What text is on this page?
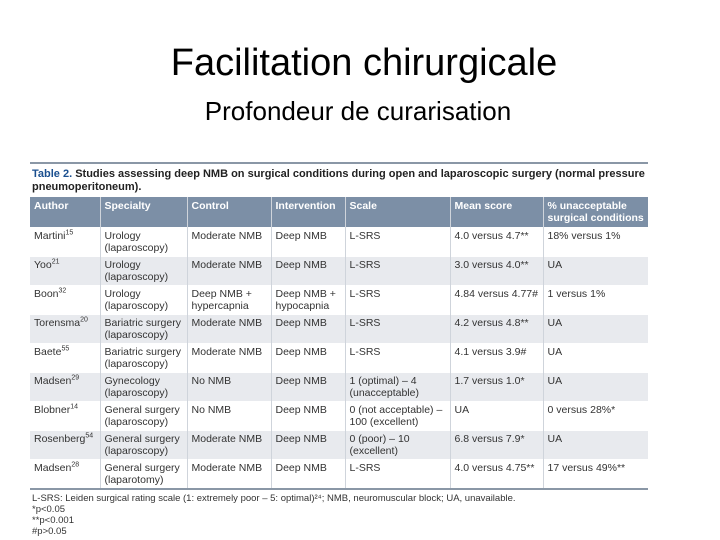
Facilitation chirurgicale
Profondeur de curarisation
Table 2. Studies assessing deep NMB on surgical conditions during open and laparoscopic surgery (normal pressure pneumoperitoneum).
Author	Specialty	Control	Intervention	Scale	Mean score	% unacceptable surgical conditions
Martini$^{15}$	Urology (laparoscopy)	Moderate NMB	Deep NMB	L-SRS	4.0 versus 4.7**	18% versus 1%
Yoo$^{21}$	Urology (laparoscopy)	Moderate NMB	Deep NMB	L-SRS	3.0 versus 4.0**	UA
Boon$^{32}$	Urology (laparoscopy)	Deep NMB + hypercapnia	Deep NMB + hypocapnia	L-SRS	4.84 versus 4.77#	1 versus 1%
Torensma$^{20}$	Bariatric surgery (laparoscopy)	Moderate NMB	Deep NMB	L-SRS	4.2 versus 4.8**	UA
Baete$^{55}$	Bariatric surgery (laparoscopy)	Moderate NMB	Deep NMB	L-SRS	4.1 versus 3.9#	UA
Madsen$^{29}$	Gynecology (laparoscopy)	No NMB	Deep NMB	1 (optimal) – 4 (unacceptable)	1.7 versus 1.0*	UA
Blobner$^{14}$	General surgery (laparoscopy)	No NMB	Deep NMB	0 (not acceptable) – 100 (excellent)	UA	0 versus 28%*
Rosenberg$^{54}$	General surgery (laparoscopy)	Moderate NMB	Deep NMB	0 (poor) – 10 (excellent)	6.8 versus 7.9*	UA
Madsen$^{28}$	General surgery (laparotomy)	Moderate NMB	Deep NMB	L-SRS	4.0 versus 4.75**	17 versus 49%**
L-SRS: Leiden surgical rating scale (1: extremely poor – 5: optimal)²⁴; NMB, neuromuscular block; UA, unavailable.
*p<0.05
**p<0.001
#p>0.05
